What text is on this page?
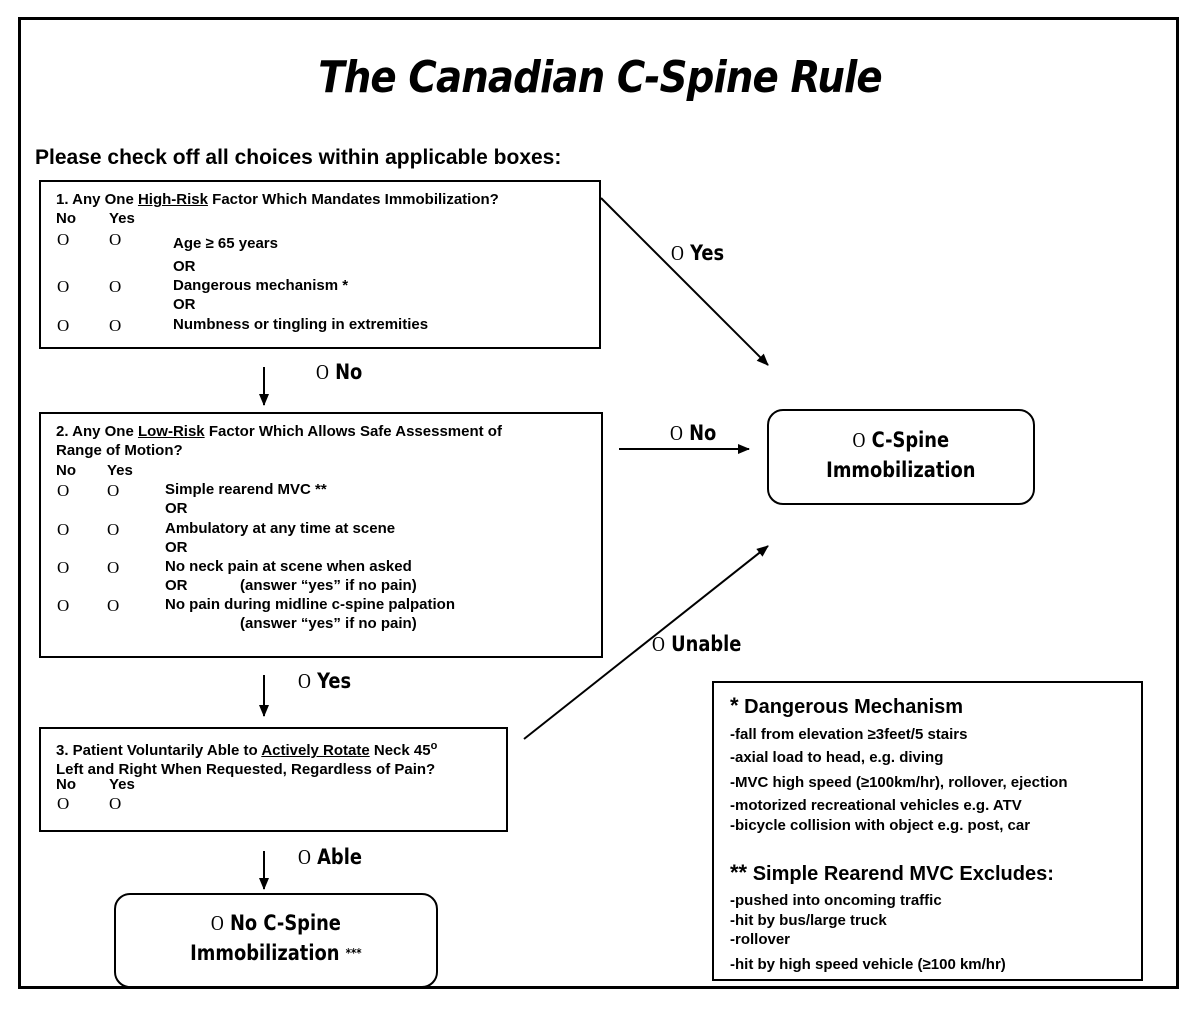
The Canadian C-Spine Rule
Please check off all choices within applicable boxes:
1. Any One High-Risk Factor Which Mandates Immobilization?
No Yes
O O	Age ≥ 65 years
OR
O O	Dangerous mechanism *
OR
O O	Numbness or tingling in extremities
2. Any One Low-Risk Factor Which Allows Safe Assessment of
Range of Motion?
No Yes
O O	Simple rearend MVC **
OR
O O	Ambulatory at any time at scene
OR
O O	No neck pain at scene when asked
OR	(answer “yes” if no pain)
O O	No pain during midline c-spine palpation
(answer “yes” if no pain)
3. Patient Voluntarily Able to Actively Rotate Neck 45$^o$
Left and Right When Requested, Regardless of Pain?
No Yes
O O
O Yes
O No
O No
O Yes
O Unable
O Able
O C-Spine
Immobilization
O No C-Spine
Immobilization ***
* Dangerous Mechanism
-fall from elevation ≥3feet/5 stairs
-axial load to head, e.g. diving
-MVC high speed (≥100km/hr), rollover, ejection
-motorized recreational vehicles e.g. ATV
-bicycle collision with object e.g. post, car
** Simple Rearend MVC Excludes:
-pushed into oncoming traffic
-hit by bus/large truck
-rollover
-hit by high speed vehicle (≥100 km/hr)
